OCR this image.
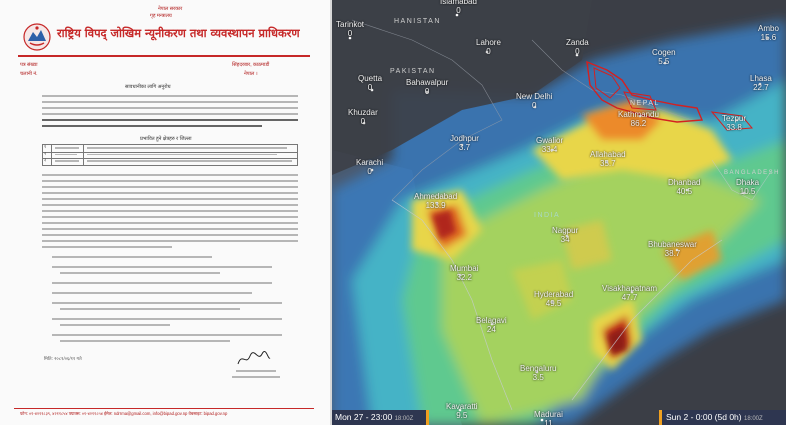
नेपाल सरकार
गृह मन्त्रालय
राष्ट्रिय विपद् जोखिम न्यूनीकरण तथा व्यवस्थापन प्राधिकरण
पत्र संख्या
चलानी नं.
सिंहदरबार, काठमाडौं
नेपाल ।
सावधानीका लागि अनुरोध
प्रभावित हुने क्षेत्रहरु र जिल्ला
१
२
३
मिति: २०८१/०६/११ गते
फोन: ०१-४२११८३९, ४२११८५४ फ्याक्स: ०१-४२११८५४ ईमेल: ndrrma@gmail.com, info@bipad.gov.np वेबसाइट: bipad.gov.np
HANISTAN
PAKISTAN
NEPAL
INDIA
BANGLADESH
Tarinkot
0
Islamabad
0
Lahore
0
Zanda
0
Quetta
0
Bahawalpur
0
Cogen
5.5
Ambo
15.6
Lhasa
22.7
Khuzdar
0
New Delhi
0
Kathmandu
86.2
Tezpur
33.8
Jodhpur
3.7
Gwalior
33.4
Allahabad
35.7
Karachi
0
Dhaka
10.5
Dhanbad
40.5
Ahmedabad
133.9
Nagpur
34
Bhubaneswar
38.7
Mumbai
32.2
Visakhapatnam
47.7
Hyderabad
49.5
Belagavi
24
Bengaluru
3.5
Kavaratti
9.5	Madurai
11
Mon 27 - 23:00 18:00Z	Sun 2 - 0:00 (5d 0h) 18:00Z
